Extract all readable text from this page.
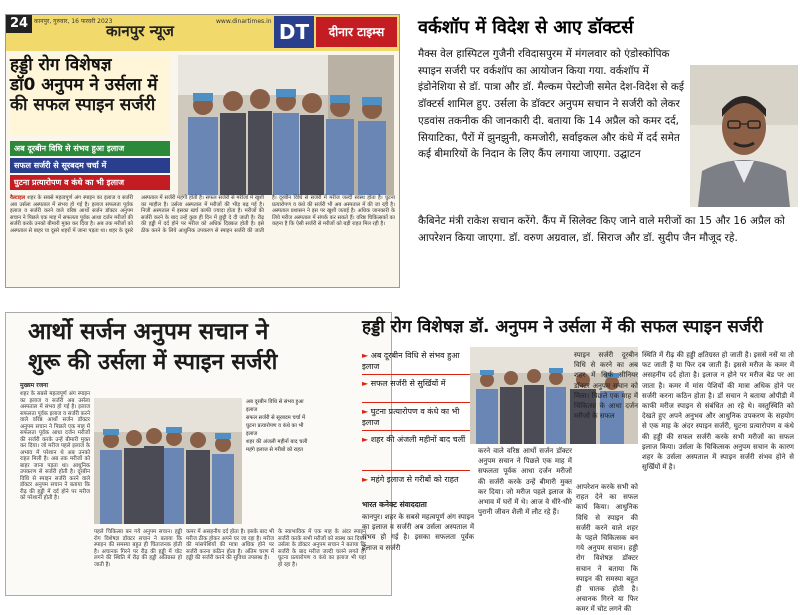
24 कानपुर, गुरुवार, 16 फरवरी 2023
कानपुर न्यूज
www.dinartimes.in DT	दीनार टाइम्स
हड्डी रोग विशेषज्ञ
डॉ0 अनुपम ने उर्सला में
की सफल स्पाइन सर्जरी
अब दूरबीन विधि से संभव हुआ इलाज
सफल सर्जरी से सूरबदम चर्चा में
घुटना प्रत्यारोपण व कंधे का भी इलाज
वैल्टाइल शहर के सबसे महत्वपूर्ण अंग स्पाइन का इलाज व सर्जरी अब उर्सला अस्पताल में संभव हो गई है। इलाज सफलता पूर्वक इलाज व सर्जरी करने वाले वरिष्ठ आर्थो सर्जन डॉक्टर अनुपम सचान ने पिछले एक माह में सफलता पूर्वक आधा दर्जन मरीजों की सर्जरी करके उनको बीमारी मुक्त कर दिया है। अब तक मरीजों को अस्पताल से बाहर या दूसरे शहरों में जाना पड़ता था। शहर के दूसरे अस्पताल में सर्जरी महंगी होती है। सफल सर्जरी से मरीजों में खुशी का माहौल है। उर्सला अस्पताल में मरीजों की भीड़ बढ़ गई है। निजी अस्पताल में इसका खर्च काफी ज्यादा होता है। मरीजों की सर्जरी करने के बाद उन्हें कुछ ही दिन में छुट्टी दे दी जाती है। रीढ़ की हड्डी में दर्द होने पर मरीज को अधिक दिक्कत होती है। इसे ठीक करने के लिये आधुनिक उपकरण से स्पाइन सर्जरी की जाती है। दूरबीन विधि से सर्जरी में मरीज जल्दी स्वस्थ होता है। घुटना प्रत्यारोपण व कंधे की सर्जरी भी अब अस्पताल में की जा रही है। अस्पताल प्रशासन ने इस पर खुशी जताई है। अधिक जानकारी के लिये मरीज अस्पताल में संपर्क कर सकते हैं। वरिष्ठ चिकित्सकों का कहना है कि ऐसी सर्जरी से मरीजों को बड़ी राहत मिल रही है।
वर्कशॉप में विदेश से आए डॉक्टर्स
मैक्स वेल हास्पिटल गुजैनी रविदासपुरम में मंगलवार को एंडोस्कोपिक स्पाइन सर्जरी पर वर्कशॉप का आयोजन किया गया. वर्कशॉप में इंडोनेशिया से डॉ. पात्रा और डॉ. मैल्कम पेस्टोजी समेत देश-विदेश से कई डॉक्टर्स शामिल हुए. उर्सला के डॉक्टर अनुपम सचान ने सर्जरी को लेकर एडवांस तकनीक की जानकारी दी. बताया कि 14 अप्रैल को कमर दर्द, सियाटिका, पैरों में झुनझुनी, कमजोरी, सर्वाइकल और कंधे में दर्द समेत कई बीमारियों के निदान के लिए कैंप लगाया जाएगा. उद्घाटन
कैबिनेट मंत्री राकेश सचान करेंगे. कैंप में सिलेक्ट किए जाने वाले मरीजों का 15 और 16 अप्रैल को आपरेशन किया जाएगा. डॉ. वरुण अग्रवाल, डॉ. सिराज और डॉ. सुदीप जैन मौजूद रहे.
आर्थो सर्जन अनुपम सचान ने
शुरू की उर्सला में स्पाइन सर्जरी
मुख्यम रजना
शहर के सबसे महत्वपूर्ण अंग स्पाइन का इलाज व सर्जरी अब उर्सला अस्पताल में संभव हो गई है। इलाज सफलता पूर्वक इलाज व सर्जरी करने वाले वरिष्ठ आर्थो सर्जन डॉक्टर अनुपम सचान ने पिछले एक माह में सफलता पूर्वक आधा दर्जन मरीजों की सर्जरी करके उन्हें बीमारी मुक्त कर दिया। जो मरीज पहले इलाज के अभाव में परेशान थे अब उनको राहत मिली है। अब तक मरीजों को बाहर जाना पड़ता था। आधुनिक उपकरण से सर्जरी होती है। दूरबीन विधि से स्पाइन सर्जरी करने वाले डॉक्टर अनुपम सचान ने बताया कि रीढ़ की हड्डी में दर्द होने पर मरीज को परेशानी होती है।
अब दूरबीन विधि से संभव हुआ इलाज
सफल सर्जरी से सूरबदम चर्चा में
घुटना प्रत्यारोपण व कंधे का भी इलाज
शहर की अंजली महीनों बाद चली
महंगे इलाज से गरीबों को राहत
पहले चिकित्सा बन गये अनुपम सचान। हड्डी रोग विशेषज्ञ डॉक्टर सचान ने बताया कि स्पाइन की समस्या बहुत ही चिंताजनक होती है। अचानक गिरने पर रीढ़ की हड्डी में चोट लगने की स्थिति में रीढ़ की हड्डी अतिग्रस्त हो जाती है।
कमर में असहनीय दर्द होता है। इसके बाद भी मरीज ठीक होकर अपने घर जा रहा है। मरीज की मांसपेशियों की मात्रा अधिक होने पर सर्जरी करना कठिन होता है। अंतिम चरण में हड्डी की सर्जरी करने की सुविधा उपलब्ध है।
के स्वाभाविक में एक माह के अंदर स्पाइन सर्जरी करके सभी मरीजों को स्वस्थ कर दिया। उर्सला के डॉक्टर अनुपम सचान ने बताया कि सर्जरी के बाद मरीज जल्दी चलने लगते हैं। घुटना प्रत्यारोपण व कंधे का इलाज भी यहां हो रहा है।
हड्डी रोग विशेषज्ञ डॉ. अनुपम ने उर्सला में की सफल स्पाइन सर्जरी
► अब दूरबीन विधि से संभव हुआ इलाज
► सफल सर्जरी से सुर्खियों में
► घुटना प्रत्यारोपण व कंधे का भी इलाज
► शहर की अंजली महीनों बाद चलीं
► महंगे इलाज से गरीबों को राहत
स्थिति में रीढ़ की हड्डी क्षतिग्रस्त हो जाती है। इससे नसें या तो फट जाती हैं या फिर दब जाती हैं। इससे मरीज के कमर में असहनीय दर्द होता है। इलाज न होने पर मरीज बेड पर आ जाता है। कमर में मांस पेशियों की मात्रा अधिक होने पर सर्जरी करना कठिन होता है। डॉ सचान ने बताया ओपीडी में काफी मरीज स्पाइन से संबंधित आ रहे थे। वस्तुस्थिति को देखते हुए अपने अनुभव और आधुनिक उपकरण के सहयोग से एक माह के अंदर स्पाइन सर्जरी, घुटना प्रत्यारोपण व कंधे की हड्डी की सफल सर्जरी करके सभी मरीजों का सफल इलाज किया। उर्सला के चिकित्सक अनुपम सचान के कारण शहर के उर्सला अस्पताल में स्पाइन सर्जरी संभव होने से सुर्खियों में है।
स्पाइन सर्जरी दूरबीन विधि से करने का अब शहर में सिर्फ सीनियर डॉक्टर अनुपम सचान को मिला। पिछले एक माह में चिकित्सा के आधा दर्जन मरीजों के सफल
भारत कनेक्ट संवाददाता
कानपुर। शहर के सबसे महत्वपूर्ण अंग स्पाइन का इलाज व सर्जरी अब उर्सला अस्पताल में संभव हो गई है। इसका सफलता पूर्वक इलाज व सर्जरी
करने वाले वरिष्ठ आर्थो सर्जन डॉक्टर अनुपम सचान ने पिछले एक माह में सफलता पूर्वक आधा दर्जन मरीजों की सर्जरी करके उन्हें बीमारी मुक्त कर दिया। जो मरीज पहले इलाज के अभाव में घरों में थे। आज वे धीरे-धीरे पुरानी जीवन शैली में लौट रहे हैं।
आपरेशन करके सभी को राहत देने का सफल कार्य किया। आधुनिक विधि से स्पाइन की सर्जरी करने वाले शहर के पहले चिकित्सक बन गये अनुपम सचान। हड्डी रोग विशेषज्ञ डॉक्टर सचान ने बताया कि स्पाइन की समस्या बहुत ही घातक होती है। अचानक गिरने या फिर कमर में चोट लगने की
